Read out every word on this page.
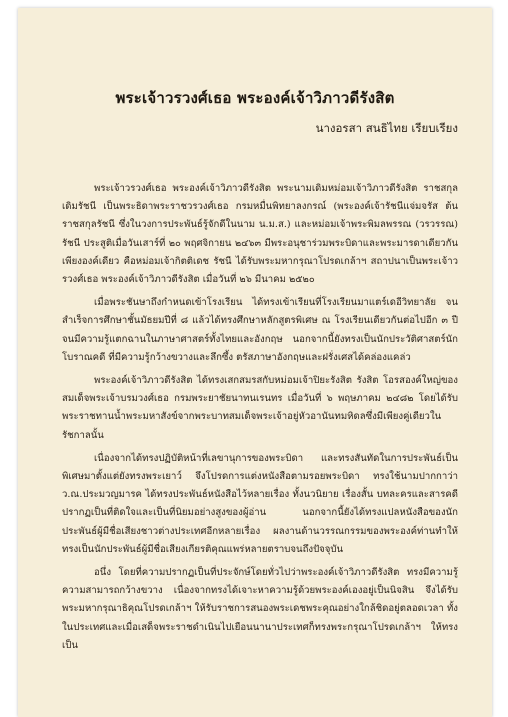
พระเจ้าวรวงศ์เธอ พระองค์เจ้าวิภาวดีรังสิต
นางอรสา สนธิไทย เรียบเรียง

พระเจ้าวรวงศ์เธอ พระองค์เจ้าวิภาวดีรังสิต พระนามเดิมหม่อมเจ้าวิภาวดีรังสิต ราชสกุลเดิมรัชนี เป็นพระธิดาพระราชวรวงศ์เธอ กรมหมื่นพิทยาลงกรณ์ (พระองค์เจ้ารัชนีแจ่มจรัส ต้นราชสกุลรัชนี ซึ่งในวงการประพันธ์รู้จักดีในนาม น.ม.ส.) และหม่อมเจ้าพระพิมลพรรณ (วรวรรณ) รัชนี ประสูติเมื่อวันเสาร์ที่ ๒๐ พฤศจิกายน ๒๔๖๓ มีพระอนุชาร่วมพระบิดาและพระมารดาเดียวกันเพียงองค์เดียว คือหม่อมเจ้ากิตติเดช รัชนี ได้รับพระมหากรุณาโปรดเกล้าฯ สถาปนาเป็นพระเจ้าวรวงศ์เธอ พระองค์เจ้าวิภาวดีรังสิต เมื่อวันที่ ๒๖ มีนาคม ๒๕๒๐

เมื่อพระชันษาถึงกำหนดเข้าโรงเรียน ได้ทรงเข้าเรียนที่โรงเรียนมาแตร์เดอีวิทยาลัย จนสำเร็จการศึกษาชั้นมัธยมปีที่ ๘ แล้วได้ทรงศึกษาหลักสูตรพิเศษ ณ โรงเรียนเดียวกันต่อไปอีก ๓ ปีจนมีความรู้แตกฉานในภาษาศาสตร์ทั้งไทยและอังกฤษ นอกจากนี้ยังทรงเป็นนักประวัติศาสตร์นักโบราณคดี ที่มีความรู้กว้างขวางและลึกซึ้ง ตรัสภาษาอังกฤษและฝรั่งเศสได้คล่องแคล่ว

พระองค์เจ้าวิภาวดีรังสิต ได้ทรงเสกสมรสกับหม่อมเจ้าปิยะรังสิต รังสิต โอรสองค์ใหญ่ของสมเด็จพระเจ้าบรมวงศ์เธอ กรมพระยาชัยนาทนเรนทร เมื่อวันที่ ๖ พฤษภาคม ๒๔๘๒ โดยได้รับพระราชทานน้ำพระมหาสังข์จากพระบาทสมเด็จพระเจ้าอยู่หัวอานันทมหิดลซึ่งมีเพียงคู่เดียวในรัชกาลนั้น

เนื่องจากได้ทรงปฏิบัติหน้าที่เลขานุการของพระบิดา และทรงสันทัดในการประพันธ์เป็นพิเศษมาตั้งแต่ยังทรงพระเยาว์ จึงโปรดการแต่งหนังสือตามรอยพระบิดา ทรงใช้นามปากกาว่า ว.ณ.ประมวญมารค ได้ทรงประพันธ์หนังสือไว้หลายเรื่อง ทั้งนวนิยาย เรื่องสั้น บทละครและสารคดีปรากฏเป็นที่ติดใจและเป็นที่นิยมอย่างสูงของผู้อ่าน นอกจากนี้ยังได้ทรงแปลหนังสือของนักประพันธ์ผู้มีชื่อเสียงชาวต่างประเทศอีกหลายเรื่อง ผลงานด้านวรรณกรรมของพระองค์ท่านทำให้ทรงเป็นนักประพันธ์ผู้มีชื่อเสียงเกียรติคุณแพร่หลายตราบจนถึงปัจจุบัน

อนึ่ง โดยที่ความปรากฏเป็นที่ประจักษ์โดยทั่วไปว่าพระองค์เจ้าวิภาวดีรังสิต ทรงมีความรู้ความสามารถกว้างขวาง เนื่องจากทรงได้เจาะหาความรู้ด้วยพระองค์เองอยู่เป็นนิจสิน จึงได้รับพระมหากรุณาธิคุณโปรดเกล้าฯ ให้รับราชการสนองพระเดชพระคุณอย่างใกล้ชิดอยู่ตลอดเวลา ทั้งในประเทศและเมื่อเสด็จพระราชดำเนินไปเยือนนานาประเทศก็ทรงพระกรุณาโปรดเกล้าฯ ให้ทรงเป็น
